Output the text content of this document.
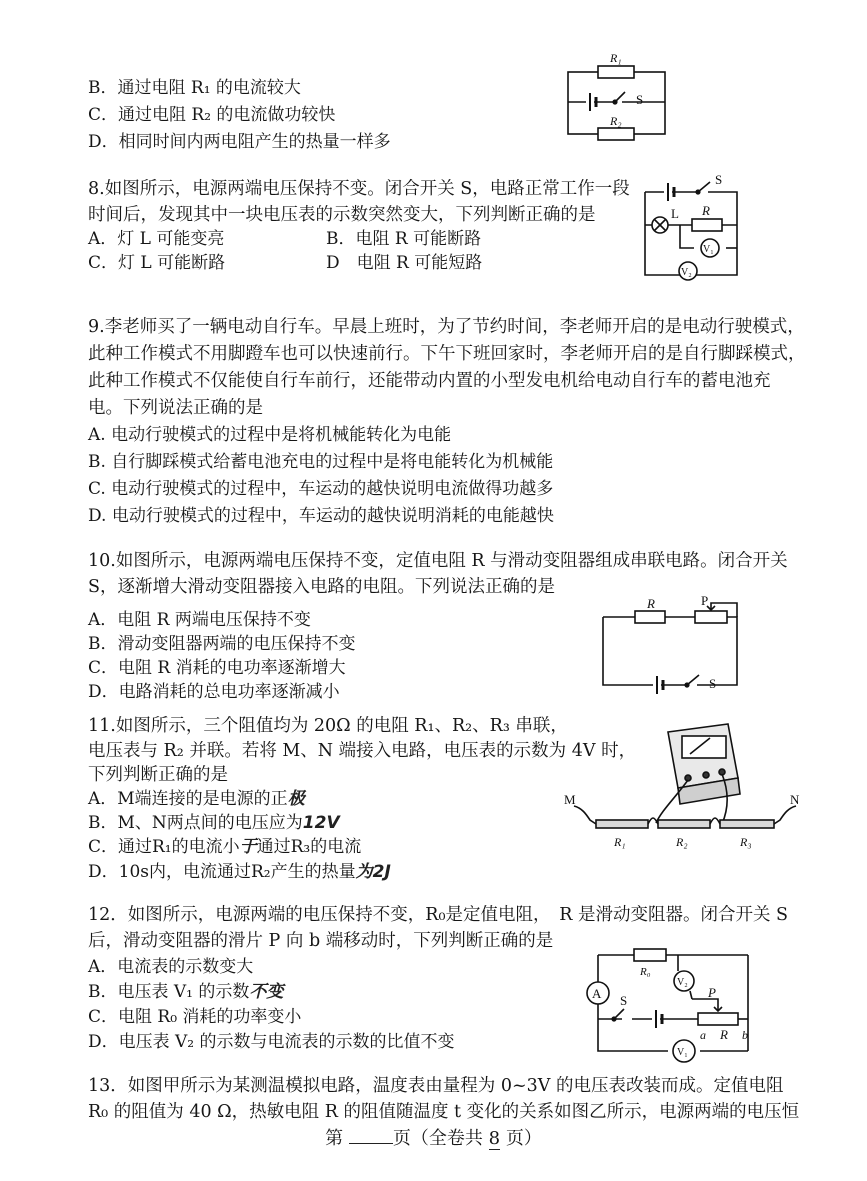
B．通过电阻 R₁ 的电流较大
C．通过电阻 R₂ 的电流做功较快
D．相同时间内两电阻产生的热量一样多
R₁
R₂
S
8.如图所示，电源两端电压保持不变。闭合开关 S，电路正常工作一段
时间后，发现其中一块电压表的示数突然变大，下列判断正确的是
A．灯 L 可能变亮	B．电阻 R 可能断路
C．灯 L 可能断路	D　电阻 R 可能短路
S
L R
V₁
V₂
9.李老师买了一辆电动自行车。早晨上班时，为了节约时间，李老师开启的是电动行驶模式，
此种工作模式不用脚蹬车也可以快速前行。下午下班回家时，李老师开启的是自行脚踩模式，
此种工作模式不仅能使自行车前行，还能带动内置的小型发电机给电动自行车的蓄电池充
电。下列说法正确的是
A. 电动行驶模式的过程中是将机械能转化为电能
B. 自行脚踩模式给蓄电池充电的过程中是将电能转化为机械能
C. 电动行驶模式的过程中，车运动的越快说明电流做得功越多
D. 电动行驶模式的过程中，车运动的越快说明消耗的电能越快
10.如图所示，电源两端电压保持不变，定值电阻 R 与滑动变阻器组成串联电路。闭合开关
S，逐渐增大滑动变阻器接入电路的电阻。下列说法正确的是
A．电阻 R 两端电压保持不变
B．滑动变阻器两端的电压保持不变
C．电阻 R 消耗的电功率逐渐增大
D．电路消耗的总电功率逐渐减小
R	P
S
11.如图所示，三个阻值均为 20Ω 的电阻 R₁、R₂、R₃ 串联，
电压表与 R₂ 并联。若将 M、N 端接入电路，电压表的示数为 4V 时，
下列判断正确的是
A．M端连接的是电源的正极
B．M、N两点间的电压应为12V
C．通过R₁的电流小于通过R₃的电流
D．10s内，电流通过R₂产生的热量为2J
M	N
R₁	R₂	R₃
12．如图所示，电源两端的电压保持不变，R₀是定值电阻，　R 是滑动变阻器。闭合开关 S
后，滑动变阻器的滑片 P 向 b 端移动时，下列判断正确的是
A．电流表的示数变大
B．电压表 V₁ 的示数不变
C．电阻 R₀ 消耗的功率变小
D．电压表 V₂ 的示数与电流表的示数的比值不变
A
R₀
V₂
S
P
a R b
V₁
13．如图甲所示为某测温模拟电路，温度表由量程为 0~3V 的电压表改装而成。定值电阻
R₀ 的阻值为 40 Ω，热敏电阻 R 的阻值随温度 t 变化的关系如图乙所示，电源两端的电压恒
第 页（全卷共 8 页）
